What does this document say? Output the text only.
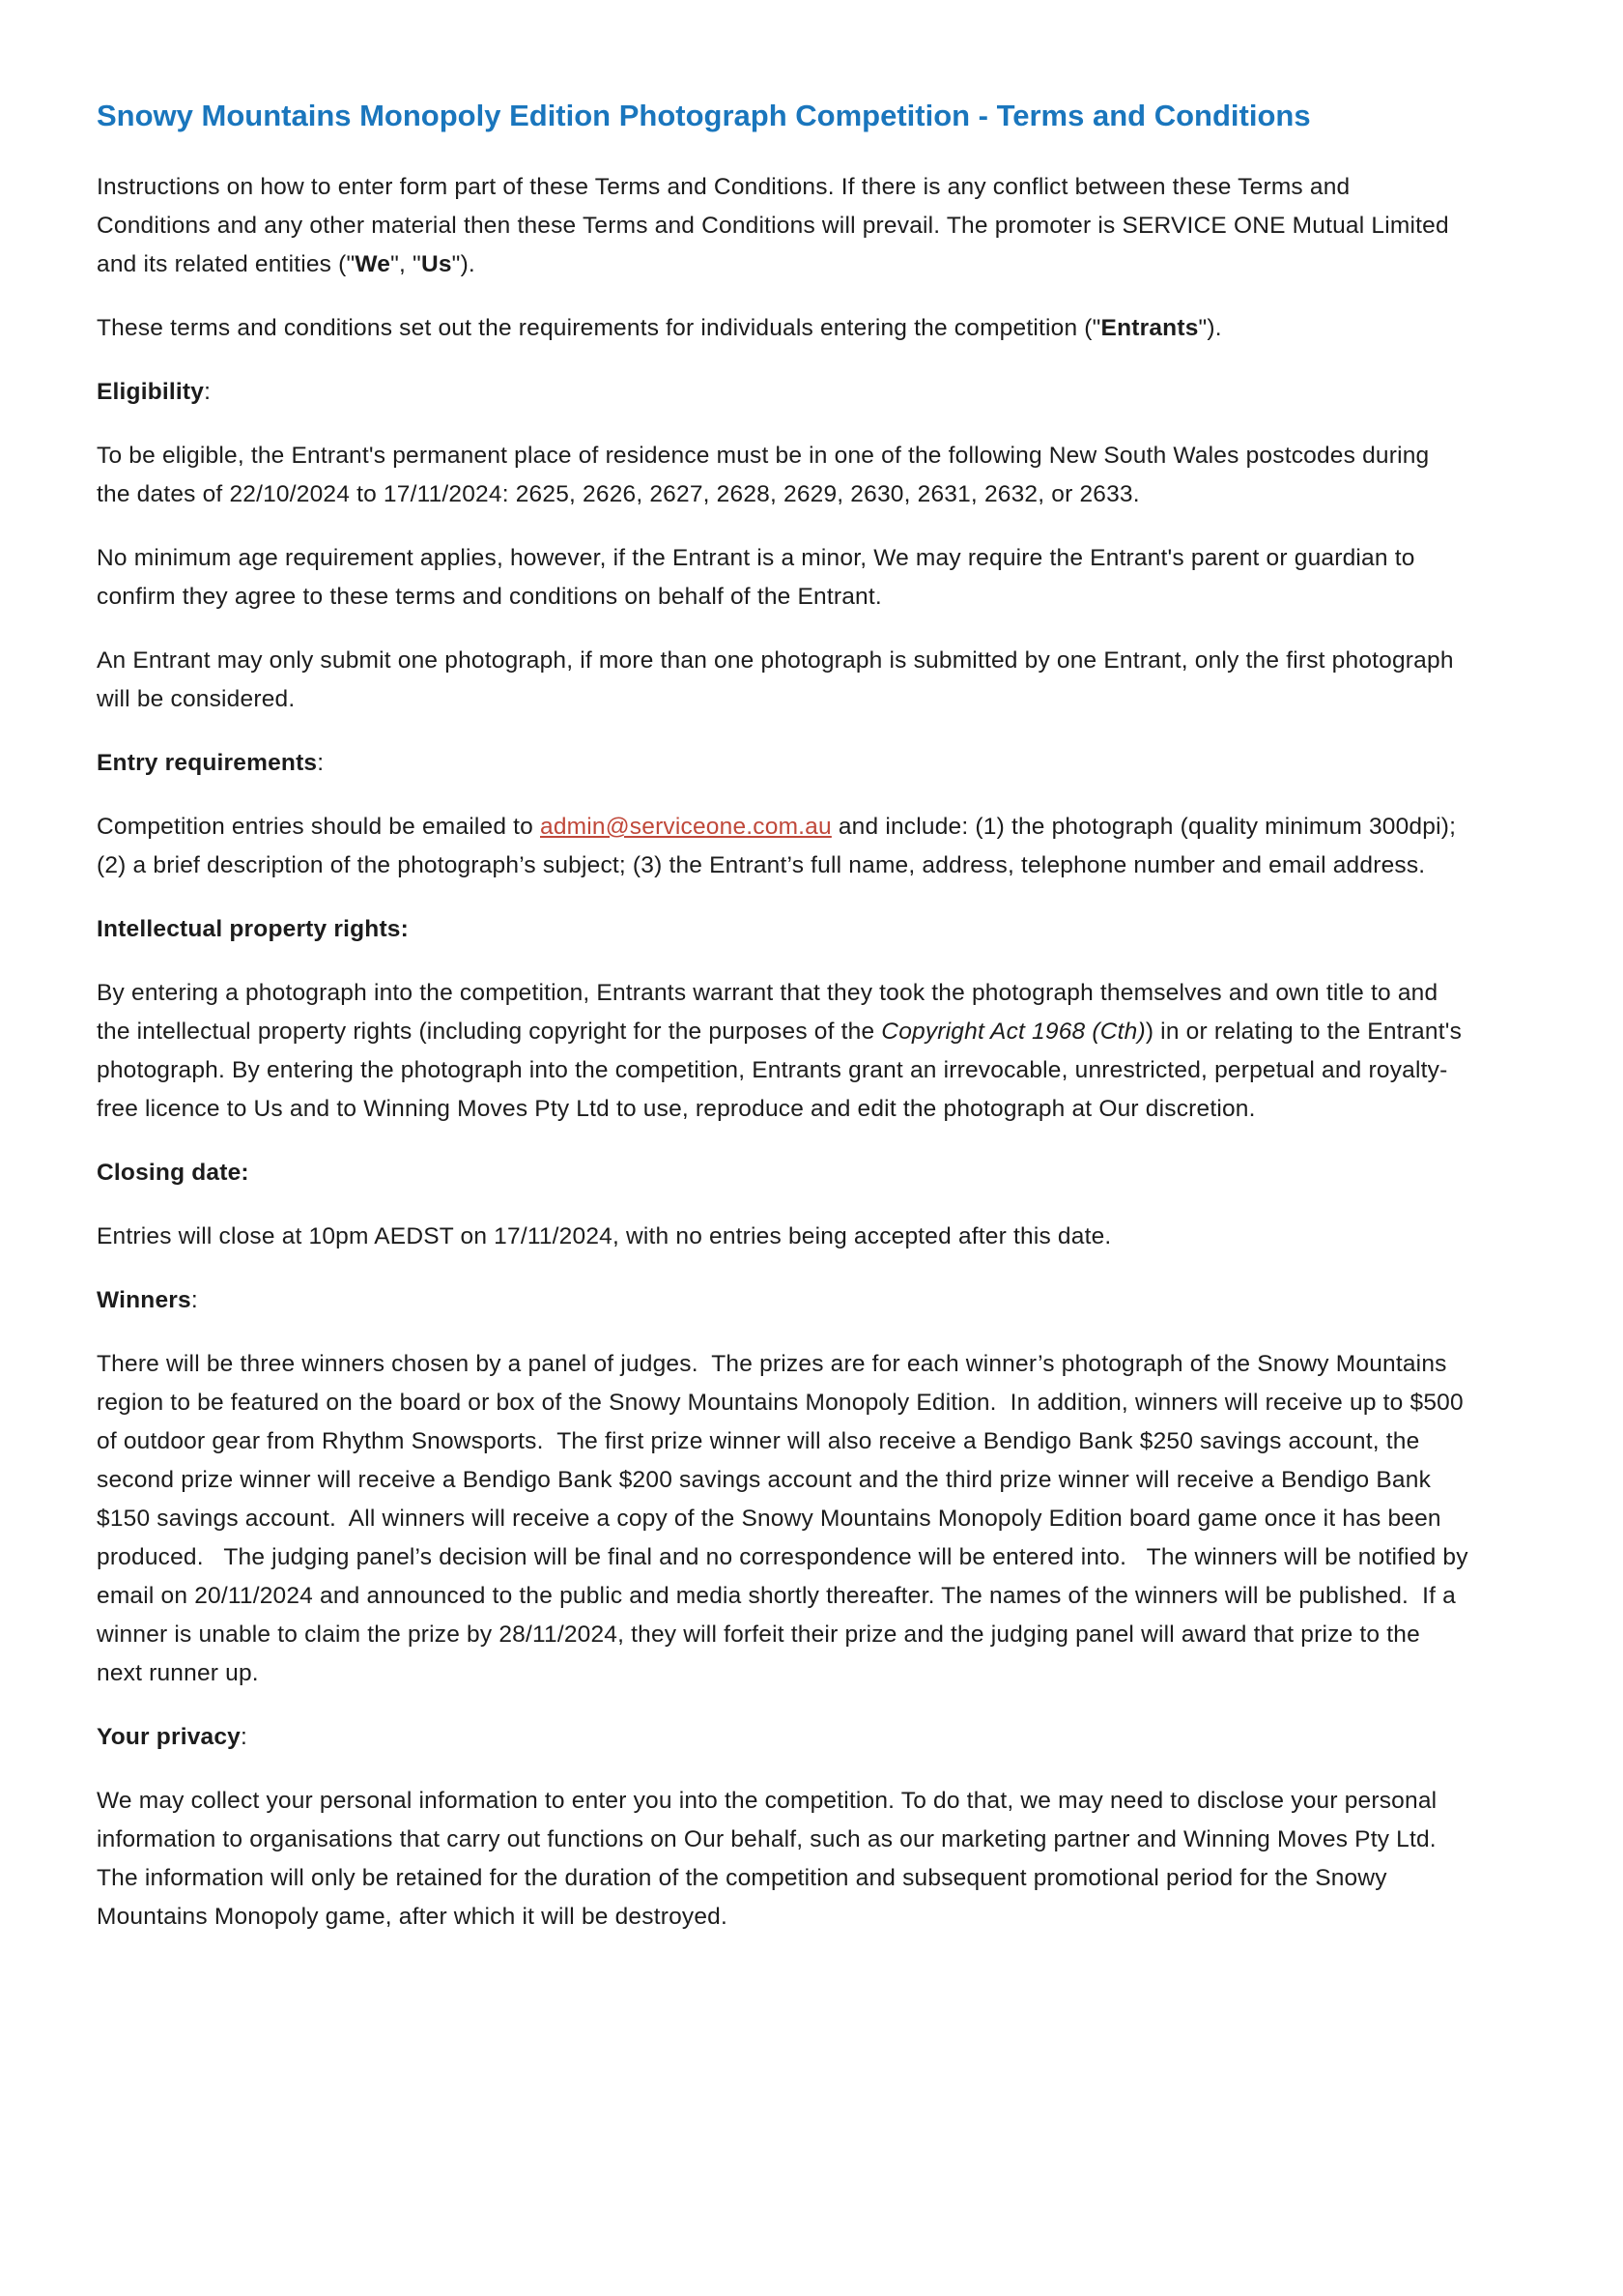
Snowy Mountains Monopoly Edition Photograph Competition - Terms and Conditions
Instructions on how to enter form part of these Terms and Conditions. If there is any conflict between these Terms and Conditions and any other material then these Terms and Conditions will prevail. The promoter is SERVICE ONE Mutual Limited and its related entities ("We", "Us").
These terms and conditions set out the requirements for individuals entering the competition ("Entrants").
Eligibility:
To be eligible, the Entrant's permanent place of residence must be in one of the following New South Wales postcodes during the dates of 22/10/2024 to 17/11/2024: 2625, 2626, 2627, 2628, 2629, 2630, 2631, 2632, or 2633.
No minimum age requirement applies, however, if the Entrant is a minor, We may require the Entrant's parent or guardian to confirm they agree to these terms and conditions on behalf of the Entrant.
An Entrant may only submit one photograph, if more than one photograph is submitted by one Entrant, only the first photograph will be considered.
Entry requirements:
Competition entries should be emailed to admin@serviceone.com.au and include: (1) the photograph (quality minimum 300dpi); (2) a brief description of the photograph’s subject; (3) the Entrant’s full name, address, telephone number and email address.
Intellectual property rights:
By entering a photograph into the competition, Entrants warrant that they took the photograph themselves and own title to and the intellectual property rights (including copyright for the purposes of the Copyright Act 1968 (Cth)) in or relating to the Entrant's photograph. By entering the photograph into the competition, Entrants grant an irrevocable, unrestricted, perpetual and royalty-free licence to Us and to Winning Moves Pty Ltd to use, reproduce and edit the photograph at Our discretion.
Closing date:
Entries will close at 10pm AEDST on 17/11/2024, with no entries being accepted after this date.
Winners:
There will be three winners chosen by a panel of judges.  The prizes are for each winner’s photograph of the Snowy Mountains region to be featured on the board or box of the Snowy Mountains Monopoly Edition.  In addition, winners will receive up to $500 of outdoor gear from Rhythm Snowsports.  The first prize winner will also receive a Bendigo Bank $250 savings account, the second prize winner will receive a Bendigo Bank $200 savings account and the third prize winner will receive a Bendigo Bank $150 savings account.  All winners will receive a copy of the Snowy Mountains Monopoly Edition board game once it has been produced.   The judging panel’s decision will be final and no correspondence will be entered into.   The winners will be notified by email on 20/11/2024 and announced to the public and media shortly thereafter. The names of the winners will be published.  If a winner is unable to claim the prize by 28/11/2024, they will forfeit their prize and the judging panel will award that prize to the next runner up.
Your privacy:
We may collect your personal information to enter you into the competition. To do that, we may need to disclose your personal information to organisations that carry out functions on Our behalf, such as our marketing partner and Winning Moves Pty Ltd.  The information will only be retained for the duration of the competition and subsequent promotional period for the Snowy Mountains Monopoly game, after which it will be destroyed.
